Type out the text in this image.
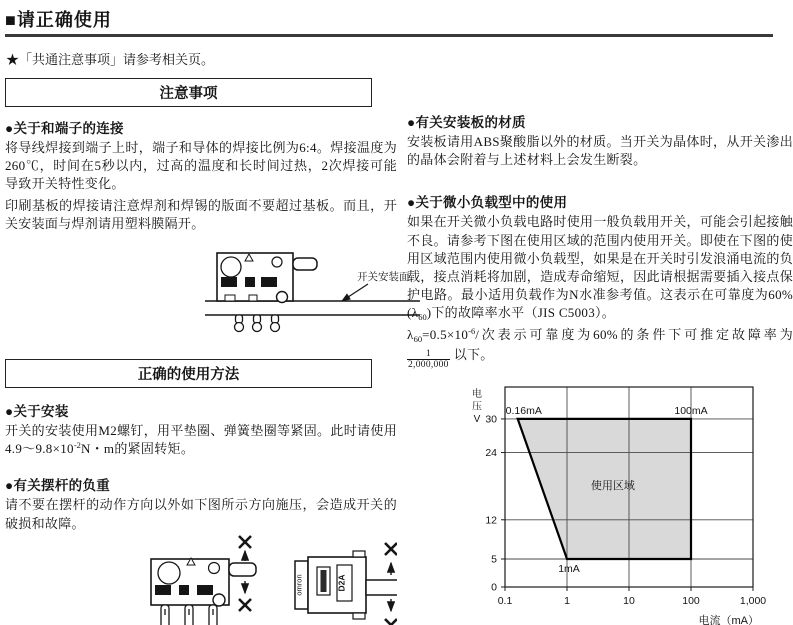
■请正确使用
★「共通注意事项」请参考相关页。
注意事项
●关于和端子的连接

将导线焊接到端子上时，端子和导体的焊接比例为6:4。焊接温度为260℃，时间在5秒以内，过高的温度和长时间过热，2次焊接可能导致开关特性变化。

印刷基板的焊接请注意焊剂和焊锡的版面不要超过基板。而且，开关安装面与焊剂请用塑料膜隔开。

NO C NC
开关安装面
正确的使用方法
●关于安装

开关的安装使用M2螺钉，用平垫圈、弹簧垫圈等紧固。此时请使用$4.9\sim 9.8\times 10^{-2}N$・m的紧固转矩。

●有关摆杆的负重

请不要在摆杆的动作方向以外如下图所示方向施压，会造成开关的破损和故障。

NO C NC	omron	D2A
●有关安装板的材质

安装板请用ABS聚酸脂以外的材质。当开关为晶体时，从开关渗出的晶体会附着与上述材料上会发生断裂。

●关于微小负载型中的使用

如果在开关微小负载电路时使用一般负载用开关，可能会引起接触不良。请参考下图在使用区域的范围内使用开关。即使在下图的使用区域范围内使用微小负载型，如果是在开关时引发浪涌电流的负载，接点消耗将加剧，造成寿命缩短，因此请根据需要插入接点保护电路。最小适用负载作为N水准参考值。这表示在可靠度为$60\%(\lambda_{60})$下的故障率水平（JIS C5003）。

$\lambda_{60}=0.5\times 10^{-6}/$次表示可靠度为60%的条件下可推定故障率为
$\frac{1}{2,000,000}$ 以下。

0.1	1	10	100	1,000
0
5
12
24
30
0.16mA	100mA
1mA
使用区域
电
压
V
电流（mA）
